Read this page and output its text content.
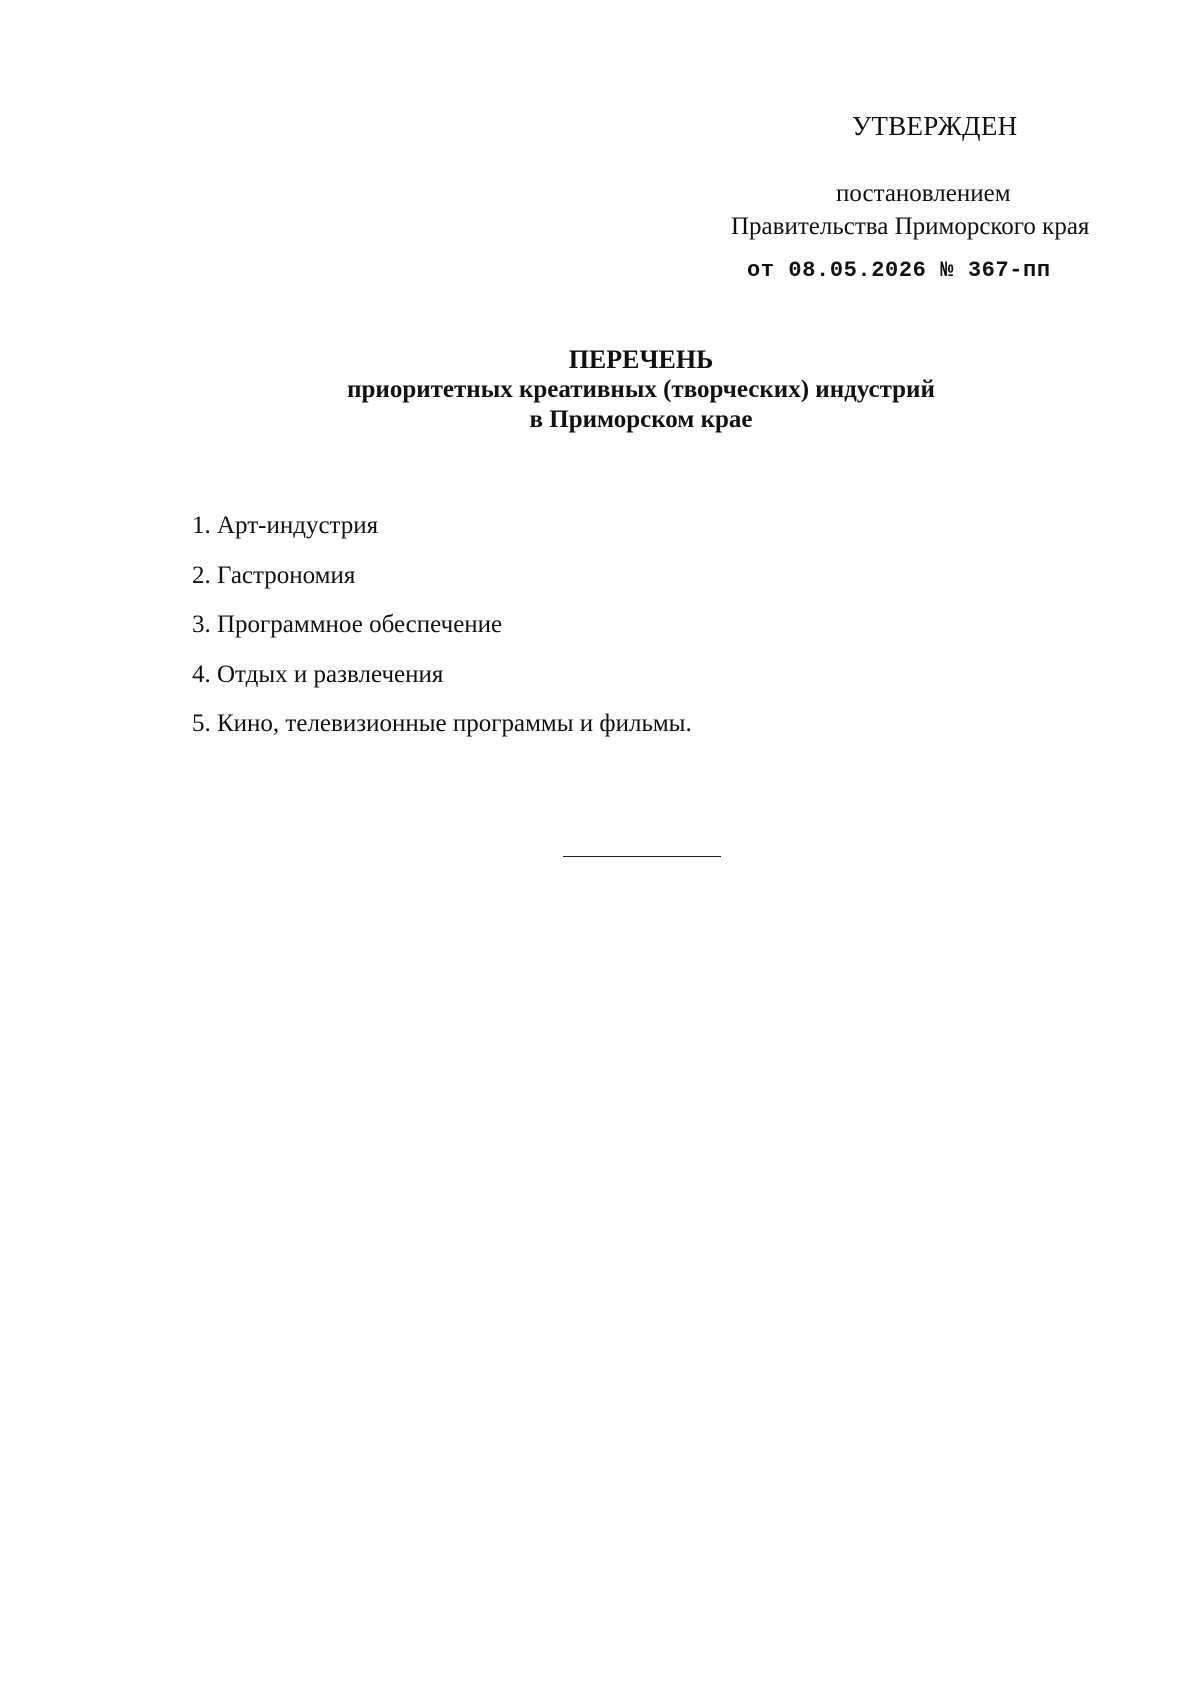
УТВЕРЖДЕН
постановлением
Правительства Приморского края
от 08.05.2026 № 367-пп
ПЕРЕЧЕНЬ
приоритетных креативных (творческих) индустрий
в Приморском крае
1. Арт-индустрия
2. Гастрономия
3. Программное обеспечение
4. Отдых и развлечения
5. Кино, телевизионные программы и фильмы.
